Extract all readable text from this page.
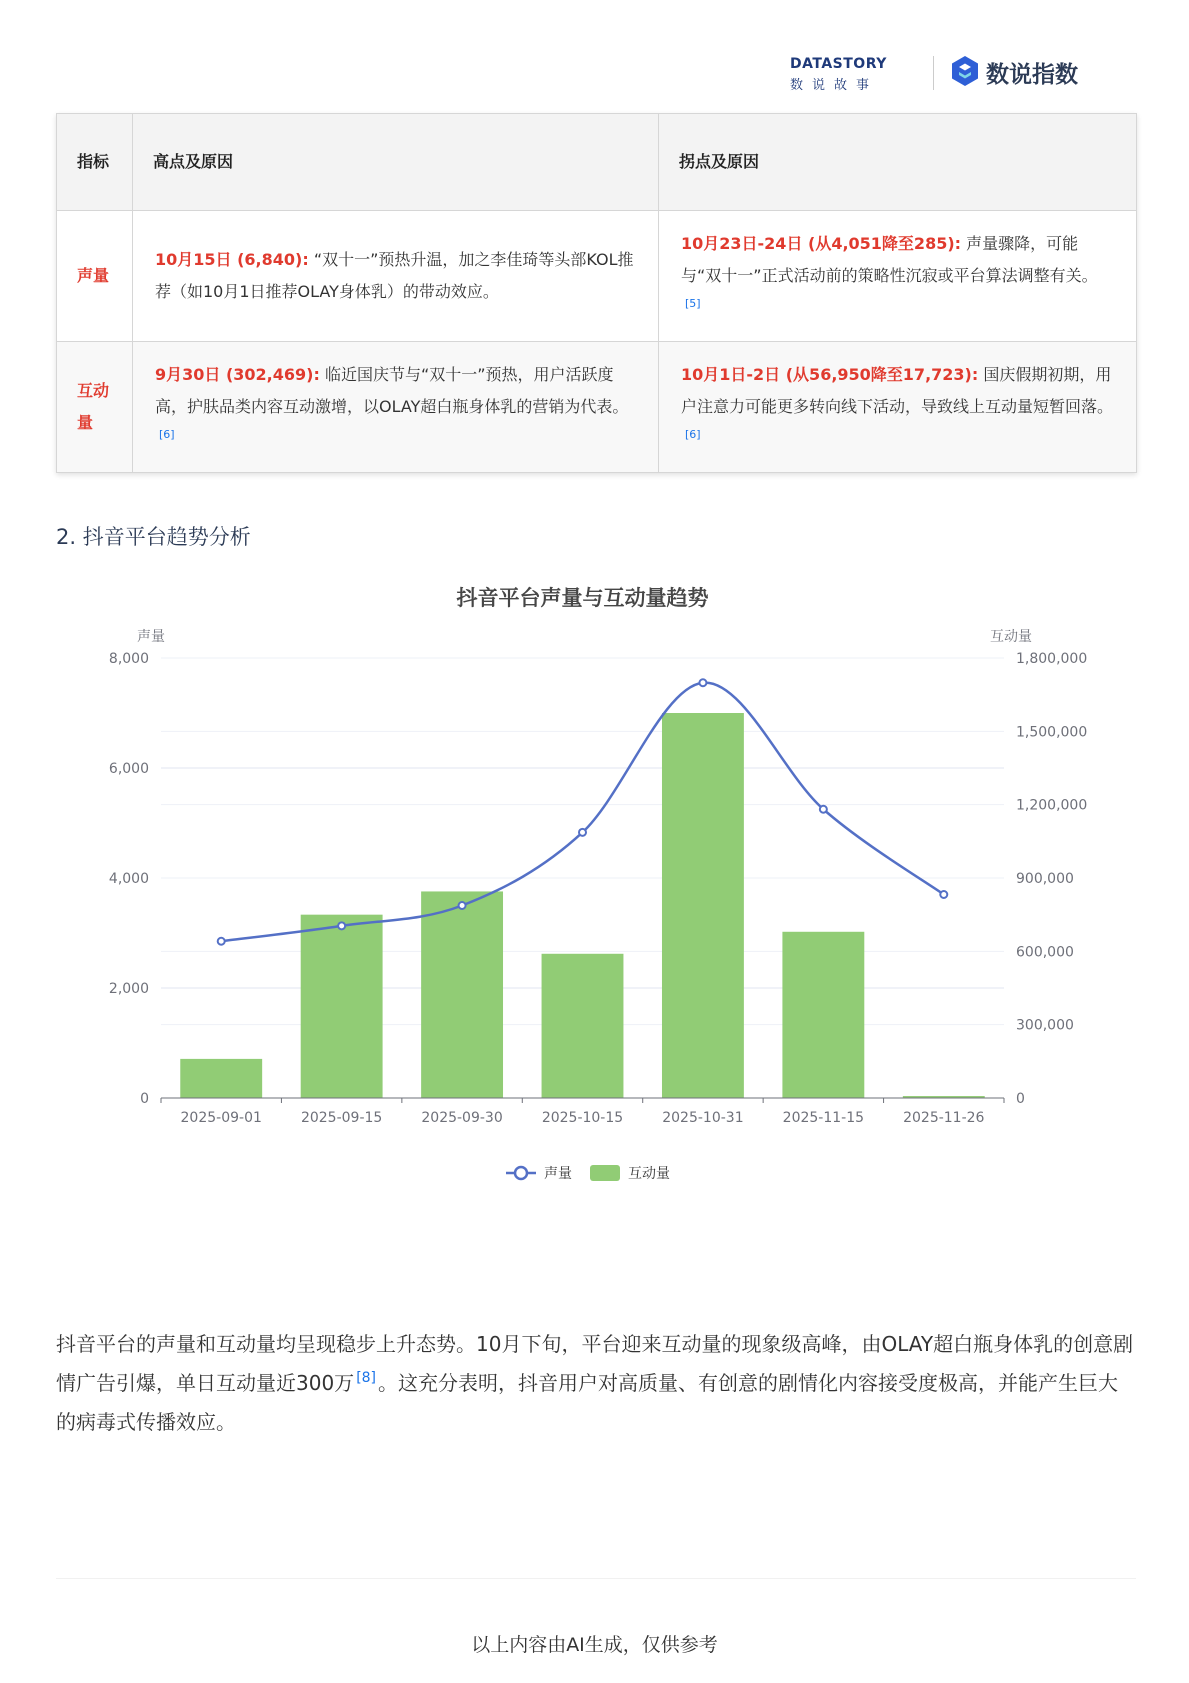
DATASTORY
数说故事	数说指数
指标	高点及原因	拐点及原因
声量	10月15日 (6,840): “双十一”预热升温，加之李佳琦等头部KOL推荐（如10月1日推荐OLAY身体乳）的带动效应。	10月23日-24日 (从4,051降至285): 声量骤降，可能与“双十一”正式活动前的策略性沉寂或平台算法调整有关。[5]
互动量	9月30日 (302,469): 临近国庆节与“双十一”预热，用户活跃度高，护肤品类内容互动激增，以OLAY超白瓶身体乳的营销为代表。[6]	10月1日-2日 (从56,950降至17,723): 国庆假期初期，用户注意力可能更多转向线下活动，导致线上互动量短暂回落。[6]
2. 抖音平台趋势分析
抖音平台声量与互动量趋势
声量	互动量
0
2,000
4,000
6,000
8,000
0
300,000
600,000
900,000
1,200,000
1,500,000
1,800,000
2025-09-01	2025-09-15	2025-09-30	2025-10-15	2025-10-31	2025-11-15	2025-11-26
声量	互动量
抖音平台的声量和互动量均呈现稳步上升态势。10月下旬，平台迎来互动量的现象级高峰，由OLAY超白瓶身体乳的创意剧情广告引爆，单日互动量近300万 [8] 。这充分表明，抖音用户对高质量、有创意的剧情化内容接受度极高，并能产生巨大的病毒式传播效应。
以上内容由AI生成，仅供参考
